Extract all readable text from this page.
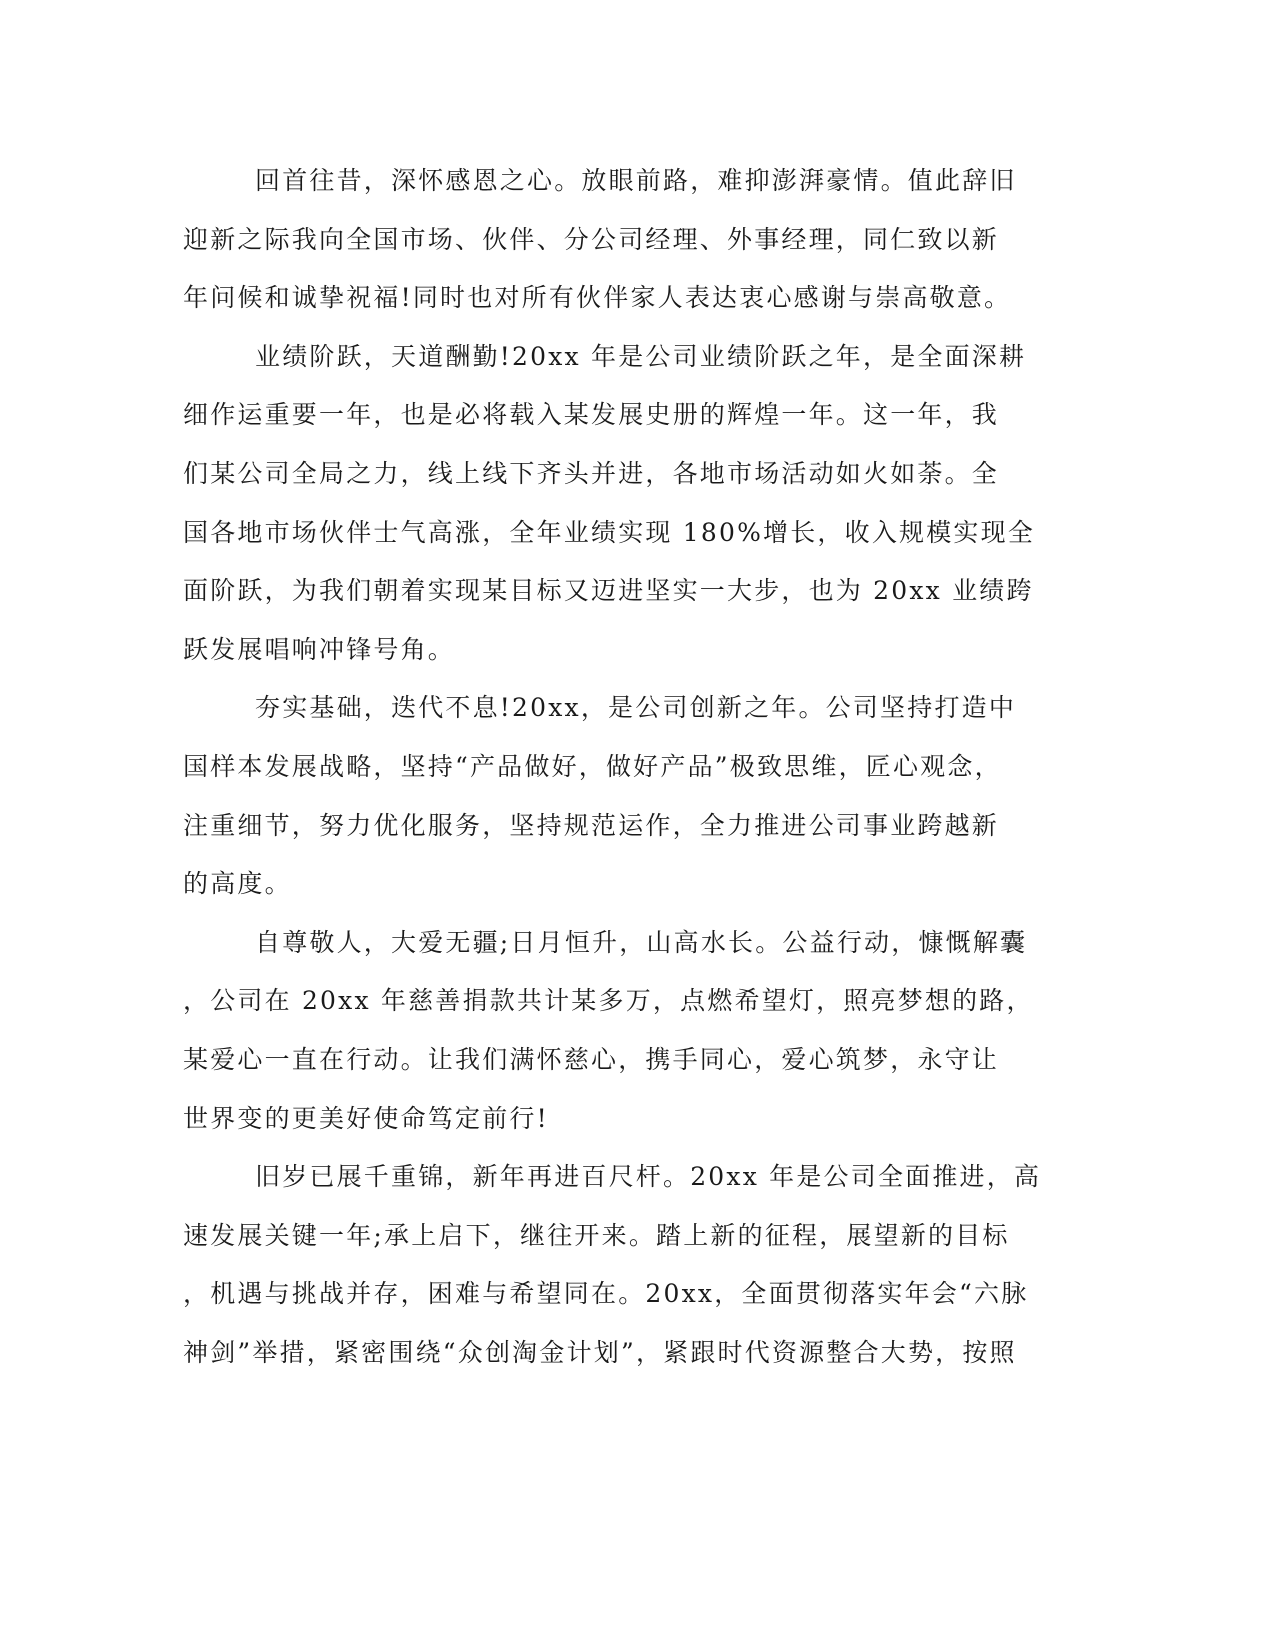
回首往昔，深怀感恩之心。放眼前路，难抑澎湃豪情。值此辞旧
迎新之际我向全国市场、伙伴、分公司经理、外事经理，同仁致以新
年问候和诚挚祝福!同时也对所有伙伴家人表达衷心感谢与崇高敬意。
业绩阶跃，天道酬勤!20xx 年是公司业绩阶跃之年，是全面深耕
细作运重要一年，也是必将载入某发展史册的辉煌一年。这一年，我
们某公司全局之力，线上线下齐头并进，各地市场活动如火如荼。全
国各地市场伙伴士气高涨，全年业绩实现 180%增长，收入规模实现全
面阶跃，为我们朝着实现某目标又迈进坚实一大步，也为 20xx 业绩跨
跃发展唱响冲锋号角。
夯实基础，迭代不息!20xx，是公司创新之年。公司坚持打造中
国样本发展战略，坚持“产品做好，做好产品”极致思维，匠心观念，
注重细节，努力优化服务，坚持规范运作，全力推进公司事业跨越新
的高度。
自尊敬人，大爱无疆;日月恒升，山高水长。公益行动，慷慨解囊
，公司在 20xx 年慈善捐款共计某多万，点燃希望灯，照亮梦想的路，
某爱心一直在行动。让我们满怀慈心，携手同心，爱心筑梦，永守让
世界变的更美好使命笃定前行!
旧岁已展千重锦，新年再进百尺杆。20xx 年是公司全面推进，高
速发展关键一年;承上启下，继往开来。踏上新的征程，展望新的目标
，机遇与挑战并存，困难与希望同在。20xx，全面贯彻落实年会“六脉
神剑”举措，紧密围绕“众创淘金计划”，紧跟时代资源整合大势，按照
